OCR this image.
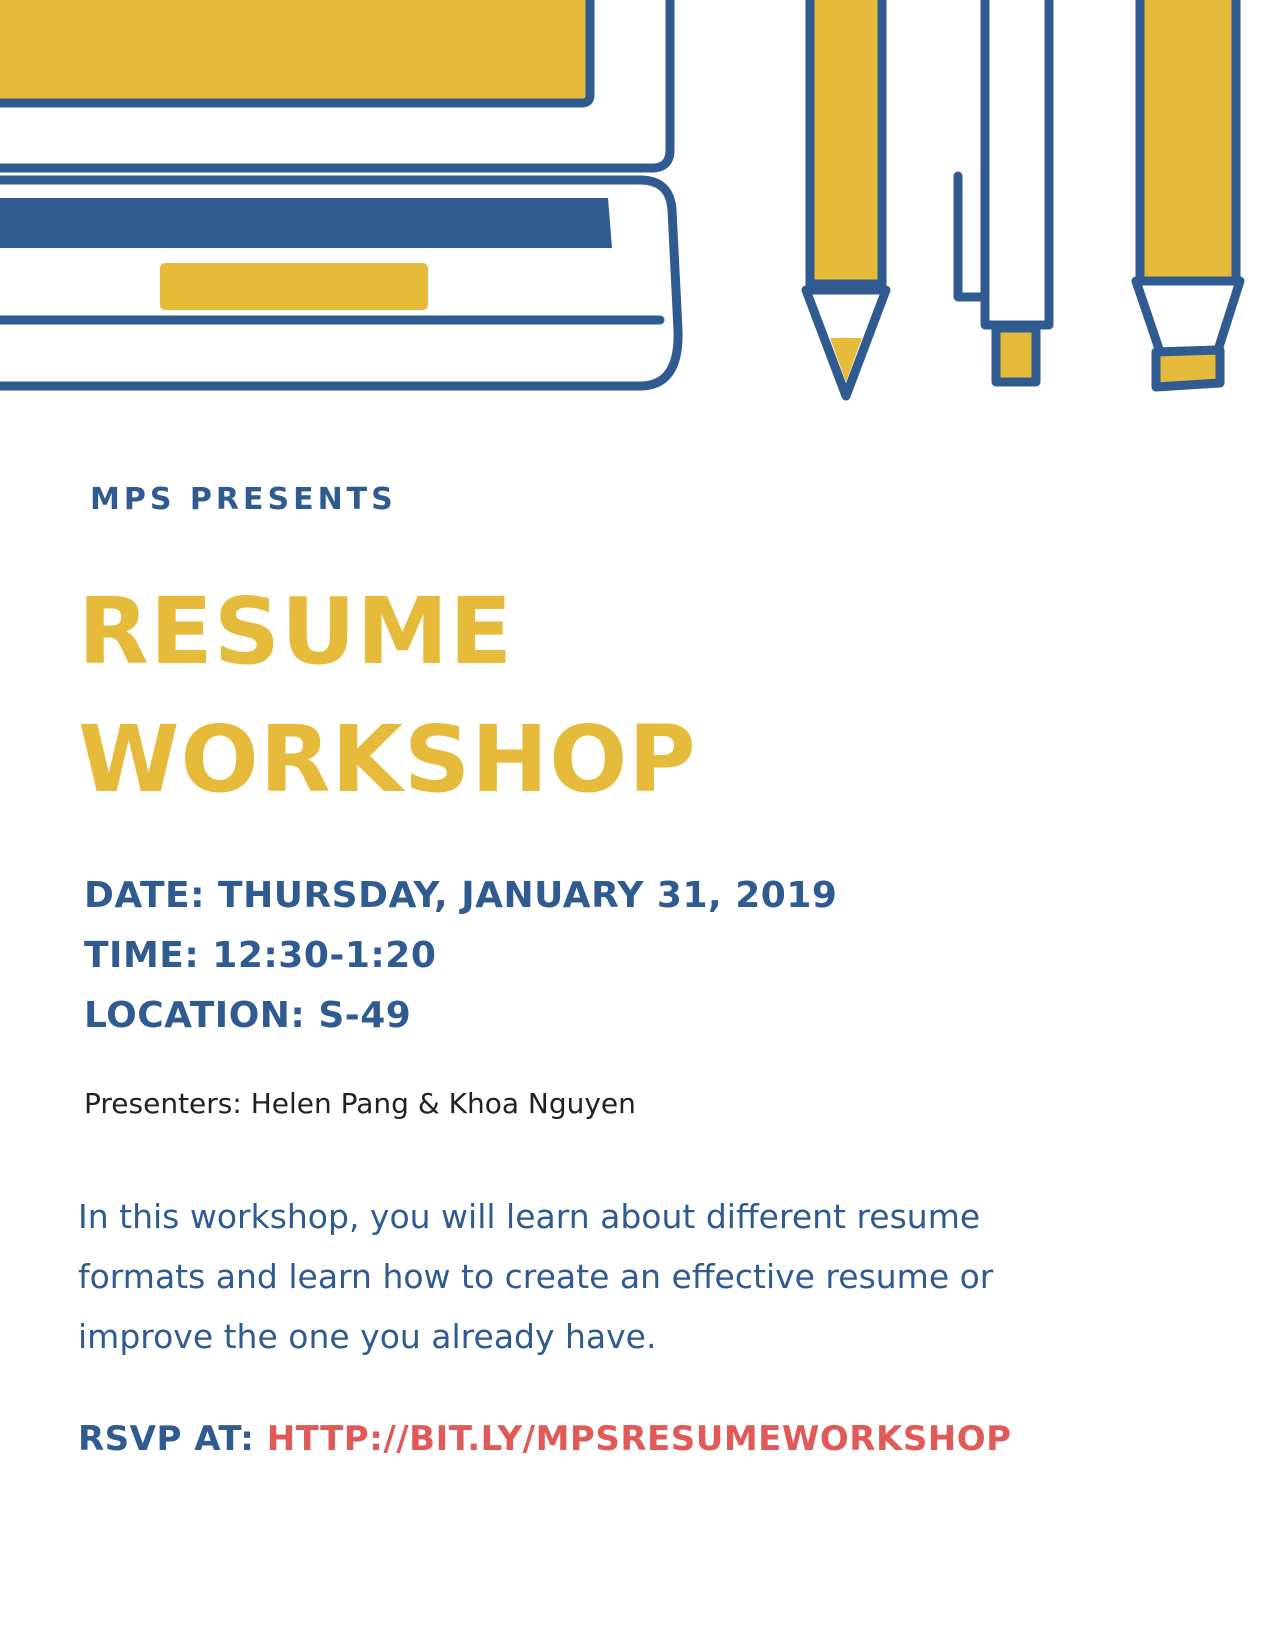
MPS PRESENTS

RESUME
WORKSHOP
DATE: THURSDAY, JANUARY 31, 2019
TIME: 12:30-1:20
LOCATION: S-49

Presenters: Helen Pang & Khoa Nguyen

In this workshop, you will learn about different resume
formats and learn how to create an effective resume or
improve the one you already have.

RSVP AT: HTTP://BIT.LY/MPSRESUMEWORKSHOP
